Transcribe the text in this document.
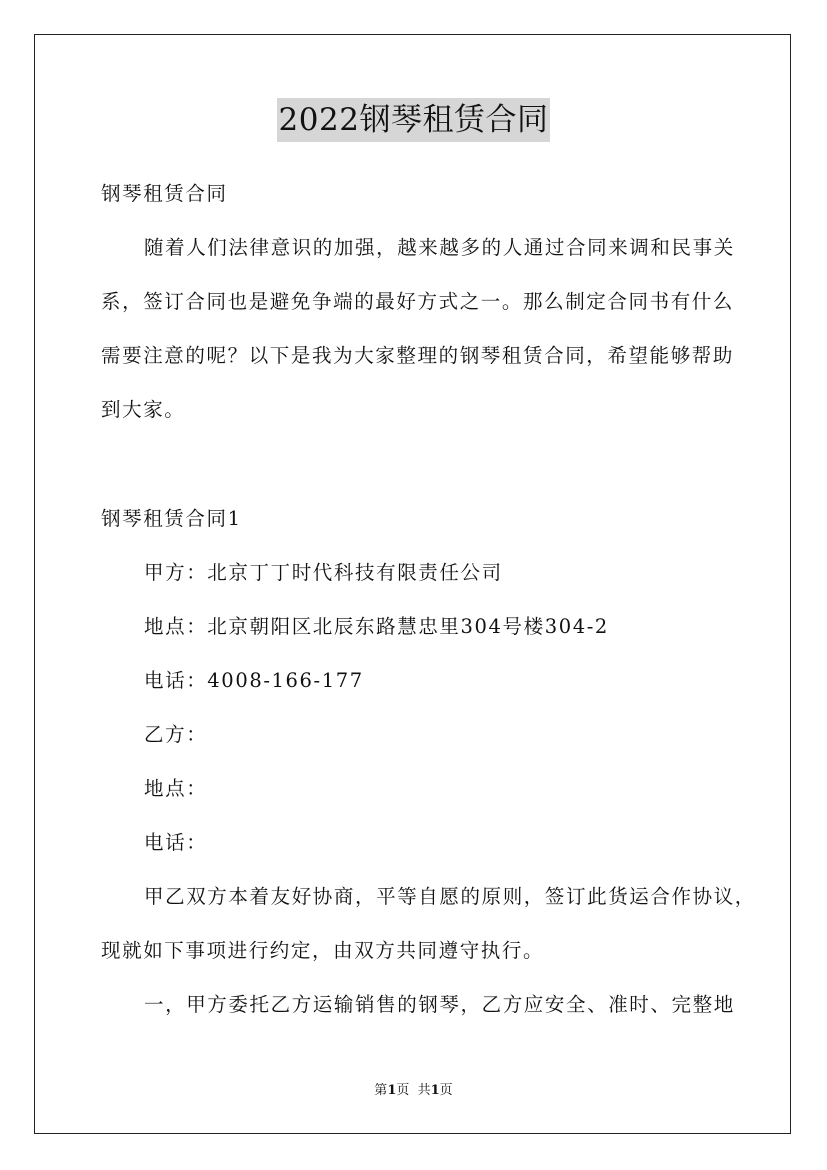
2022钢琴租赁合同
钢琴租赁合同
随着人们法律意识的加强，越来越多的人通过合同来调和民事关
系，签订合同也是避免争端的最好方式之一。那么制定合同书有什么
需要注意的呢？以下是我为大家整理的钢琴租赁合同，希望能够帮助
到大家。
钢琴租赁合同1
甲方：北京丁丁时代科技有限责任公司
地点：北京朝阳区北辰东路慧忠里304号楼304-2
电话：4008-166-177
乙方：
地点：
电话：
甲乙双方本着友好协商，平等自愿的原则，签订此货运合作协议，
现就如下事项进行约定，由双方共同遵守执行。
一，甲方委托乙方运输销售的钢琴，乙方应安全、准时、完整地
第1页  共1页
